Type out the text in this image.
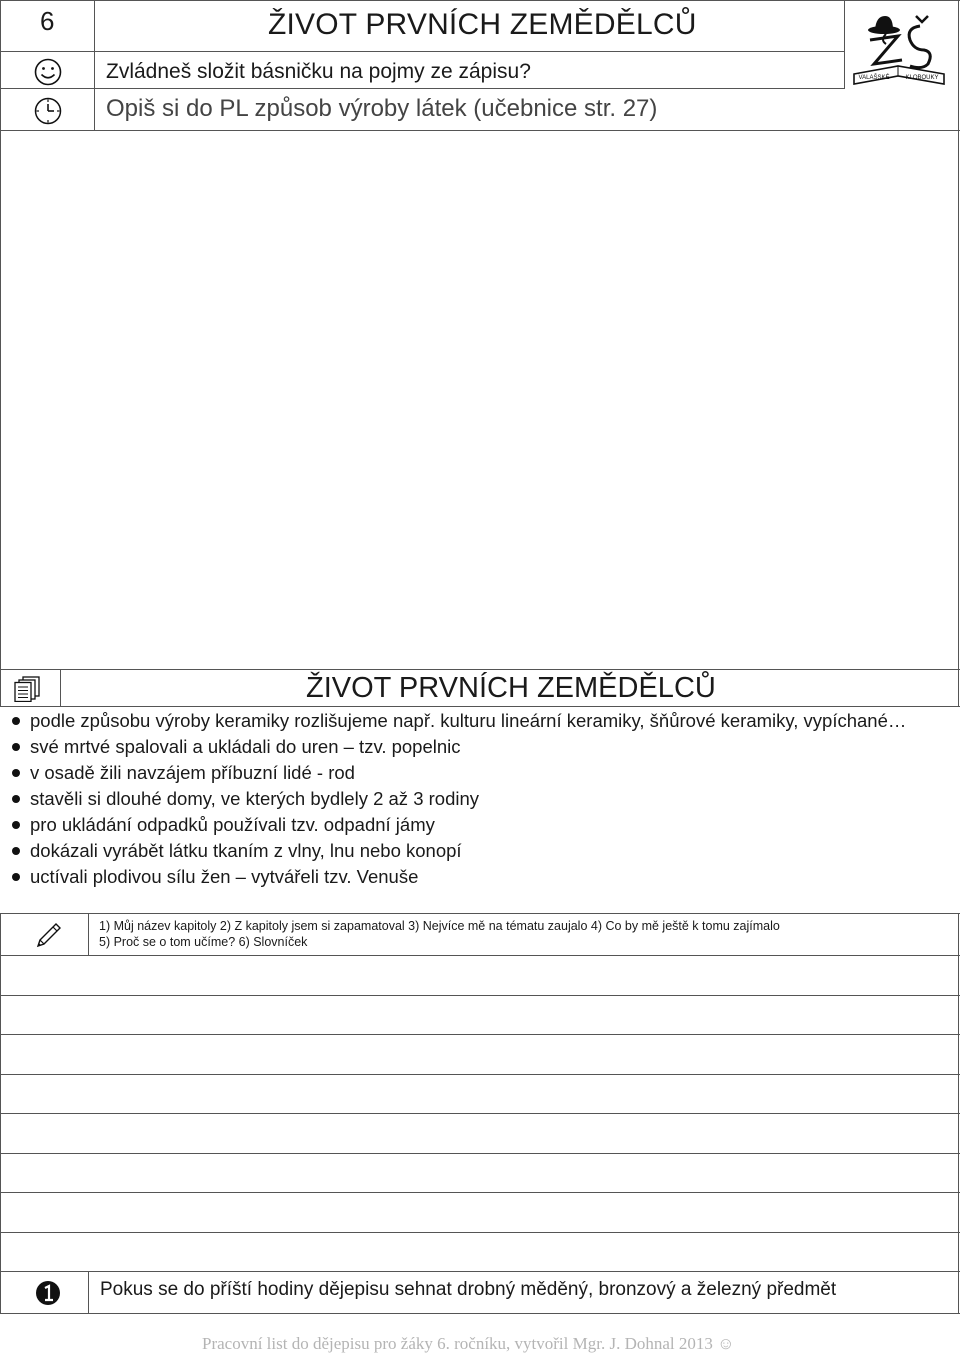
6	ŽIVOT PRVNÍCH ZEMĚDĚLCŮ
Zvládneš složit básničku na pojmy ze zápisu?
Opiš si do PL způsob výroby látek (učebnice str. 27)
VALAŠSKÉ	KLOBOUKY
ŽIVOT PRVNÍCH ZEMĚDĚLCŮ
podle způsobu výroby keramiky rozlišujeme např. kulturu lineární keramiky, šňůrové keramiky, vypíchané…
své mrtvé spalovali a ukládali do uren – tzv. popelnic
v osadě žili navzájem příbuzní lidé - rod
stavěli si dlouhé domy, ve kterých bydlely 2 až 3 rodiny
pro ukládání odpadků používali tzv. odpadní jámy
dokázali vyrábět látku tkaním z vlny, lnu nebo konopí
uctívali plodivou sílu žen – vytvářeli tzv. Venuše
1) Můj název kapitoly 2) Z kapitoly jsem si zapamatoval 3) Nejvíce mě na tématu zaujalo 4) Co by mě ještě k tomu zajímalo
5) Proč se o tom učíme? 6) Slovníček
Pokus se do příští hodiny dějepisu sehnat drobný měděný, bronzový a železný předmět
Pracovní list do dějepisu pro žáky 6. ročníku, vytvořil Mgr. J. Dohnal 2013 ☺
